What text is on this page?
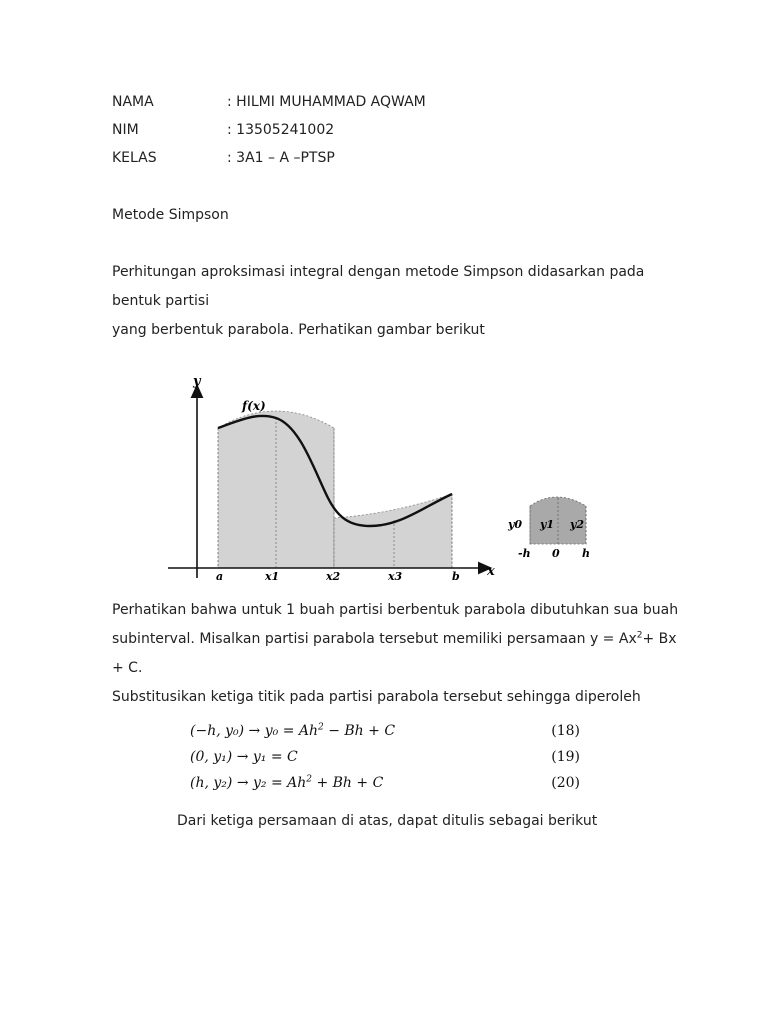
NAMA	: HILMI MUHAMMAD AQWAM
NIM	: 13505241002
KELAS	: 3A1 – A –PTSP
Metode Simpson
Perhitungan aproksimasi integral dengan metode Simpson didasarkan pada
bentuk partisi
yang berbentuk parabola. Perhatikan gambar berikut
y
x
f(x)
a	x1	x2	x3	b
y0 y1 y2
-h 0 h
Perhatikan bahwa untuk 1 buah partisi berbentuk parabola dibutuhkan sua buah
subinterval. Misalkan partisi parabola tersebut memiliki persamaan $y = Ax^2+ Bx$
+ C.
Substitusikan ketiga titik pada partisi parabola tersebut sehingga diperoleh
(−h, $y_0) \to y_0 = Ah^2 - Bh + C$	(18)
(0, y₁) → y₁ = C	(19)
(h, $y_2) \to y_2 = Ah^2 + Bh + C$	(20)
Dari ketiga persamaan di atas, dapat ditulis sebagai berikut
